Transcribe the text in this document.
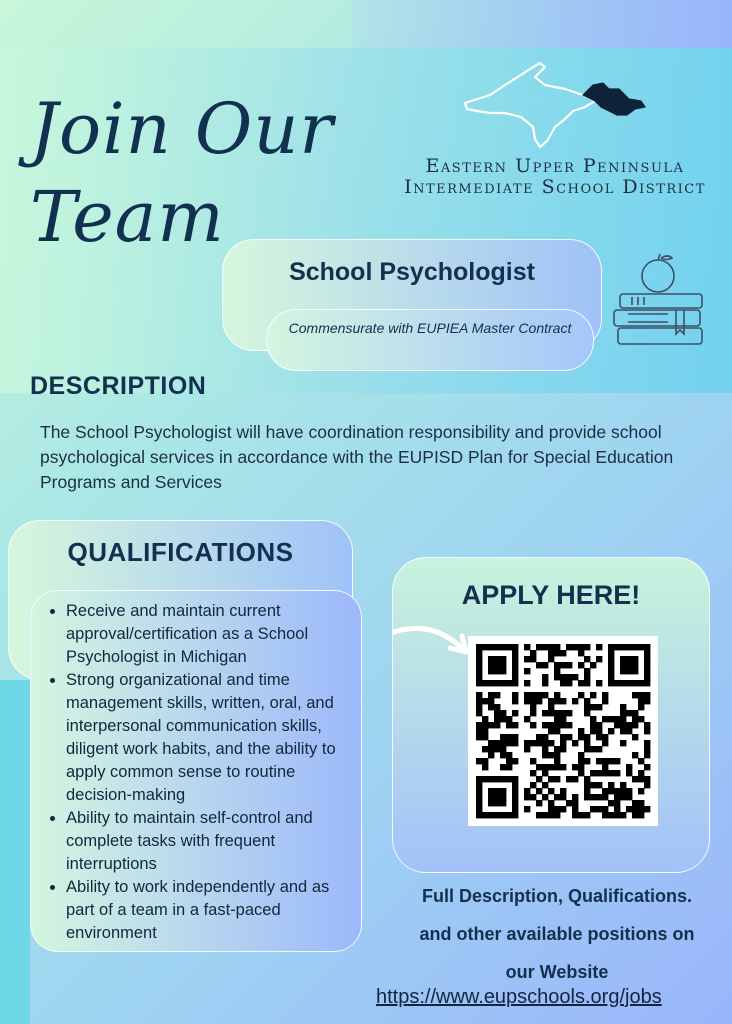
Join Our
Team
Eastern Upper Peninsula
Intermediate School District
School Psychologist
Commensurate with EUPIEA Master Contract
DESCRIPTION
The School Psychologist will have coordination responsibility and provide school psychological services in accordance with the EUPISD Plan for Special Education Programs and Services
QUALIFICATIONS
• Receive and maintain current approval/certification as a School Psychologist in Michigan
• Strong organizational and time management skills, written, oral, and interpersonal communication skills, diligent work habits, and the ability to apply common sense to routine decision-making
• Ability to maintain self-control and complete tasks with frequent interruptions
• Ability to work independently and as part of a team in a fast-paced environment
APPLY HERE!
Full Description, Qualifications.
and other available positions on
our Website
https://www.eupschools.org/jobs
